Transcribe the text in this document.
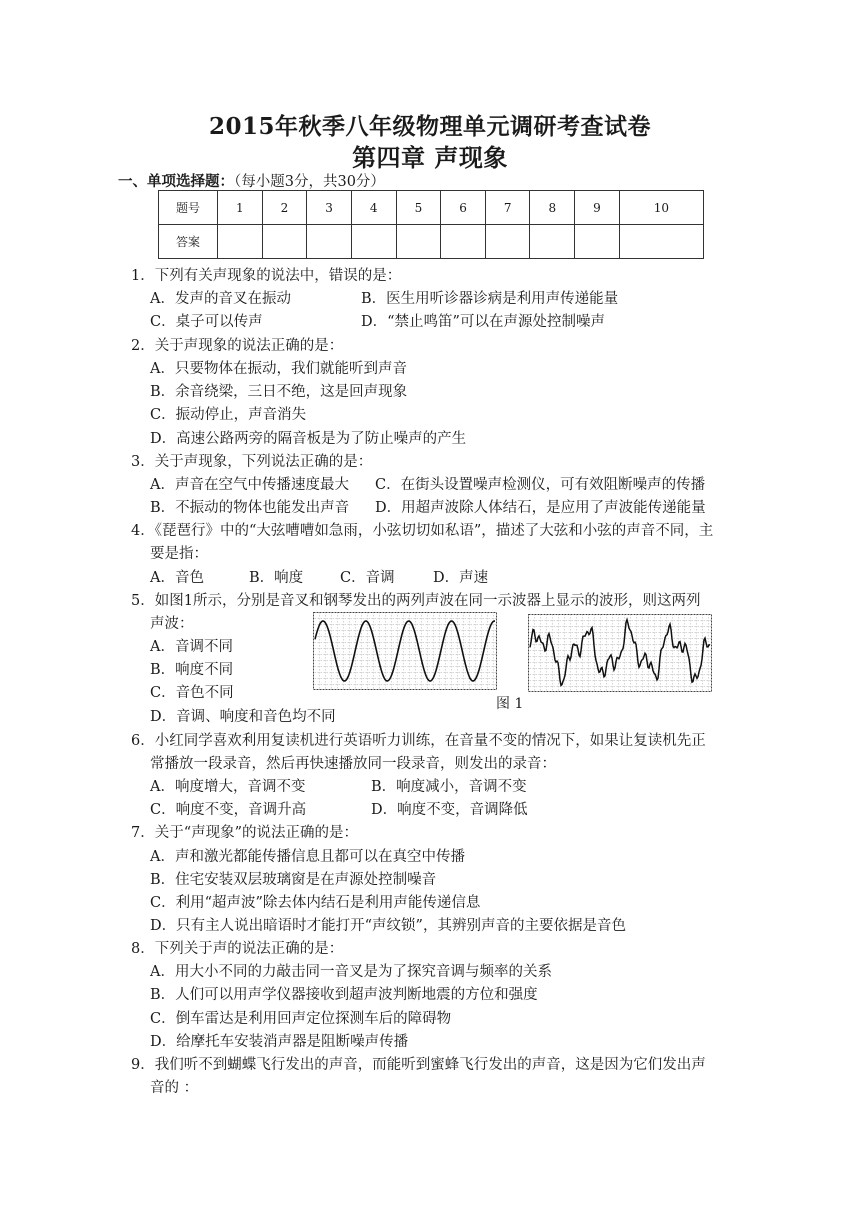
2015年秋季八年级物理单元调研考查试卷
第四章 声现象
一、单项选择题：（每小题3分，共30分）
题号	1	2	3	4	5	6	7	8	9	10
答案										
1．下列有关声现象的说法中，错误的是：
A．发声的音叉在振动	B．医生用听诊器诊病是利用声传递能量
C．桌子可以传声	D．“禁止鸣笛”可以在声源处控制噪声
2．关于声现象的说法正确的是：
A．只要物体在振动，我们就能听到声音
B．余音绕梁，三日不绝，这是回声现象
C．振动停止，声音消失
D．高速公路两旁的隔音板是为了防止噪声的产生
3．关于声现象，下列说法正确的是：
A．声音在空气中传播速度最大 C．在街头设置噪声检测仪，可有效阻断噪声的传播
B．不振动的物体也能发出声音 D．用超声波除人体结石，是应用了声波能传递能量
4．《琵琶行》中的“大弦嘈嘈如急雨，小弦切切如私语”，描述了大弦和小弦的声音不同，主
要是指：
A．音色	B．响度	C．音调	D．声速
5．如图1所示，分别是音叉和钢琴发出的两列声波在同一示波器上显示的波形，则这两列
声波：
A．音调不同
B．响度不同
C．音色不同
D．音调、响度和音色均不同
图 1
6．小红同学喜欢利用复读机进行英语听力训练，在音量不变的情况下，如果让复读机先正
常播放一段录音，然后再快速播放同一段录音，则发出的录音：
A．响度增大，音调不变	B．响度减小，音调不变
C．响度不变，音调升高	D．响度不变，音调降低
7．关于“声现象”的说法正确的是：
A．声和激光都能传播信息且都可以在真空中传播
B．住宅安装双层玻璃窗是在声源处控制噪音
C．利用“超声波”除去体内结石是利用声能传递信息
D．只有主人说出暗语时才能打开“声纹锁”，其辨别声音的主要依据是音色
8．下列关于声的说法正确的是：
A．用大小不同的力敲击同一音叉是为了探究音调与频率的关系
B．人们可以用声学仪器接收到超声波判断地震的方位和强度
C．倒车雷达是利用回声定位探测车后的障碍物
D．给摩托车安装消声器是阻断噪声传播
9．我们听不到蝴蝶飞行发出的声音，而能听到蜜蜂飞行发出的声音，这是因为它们发出声
音的 ：
